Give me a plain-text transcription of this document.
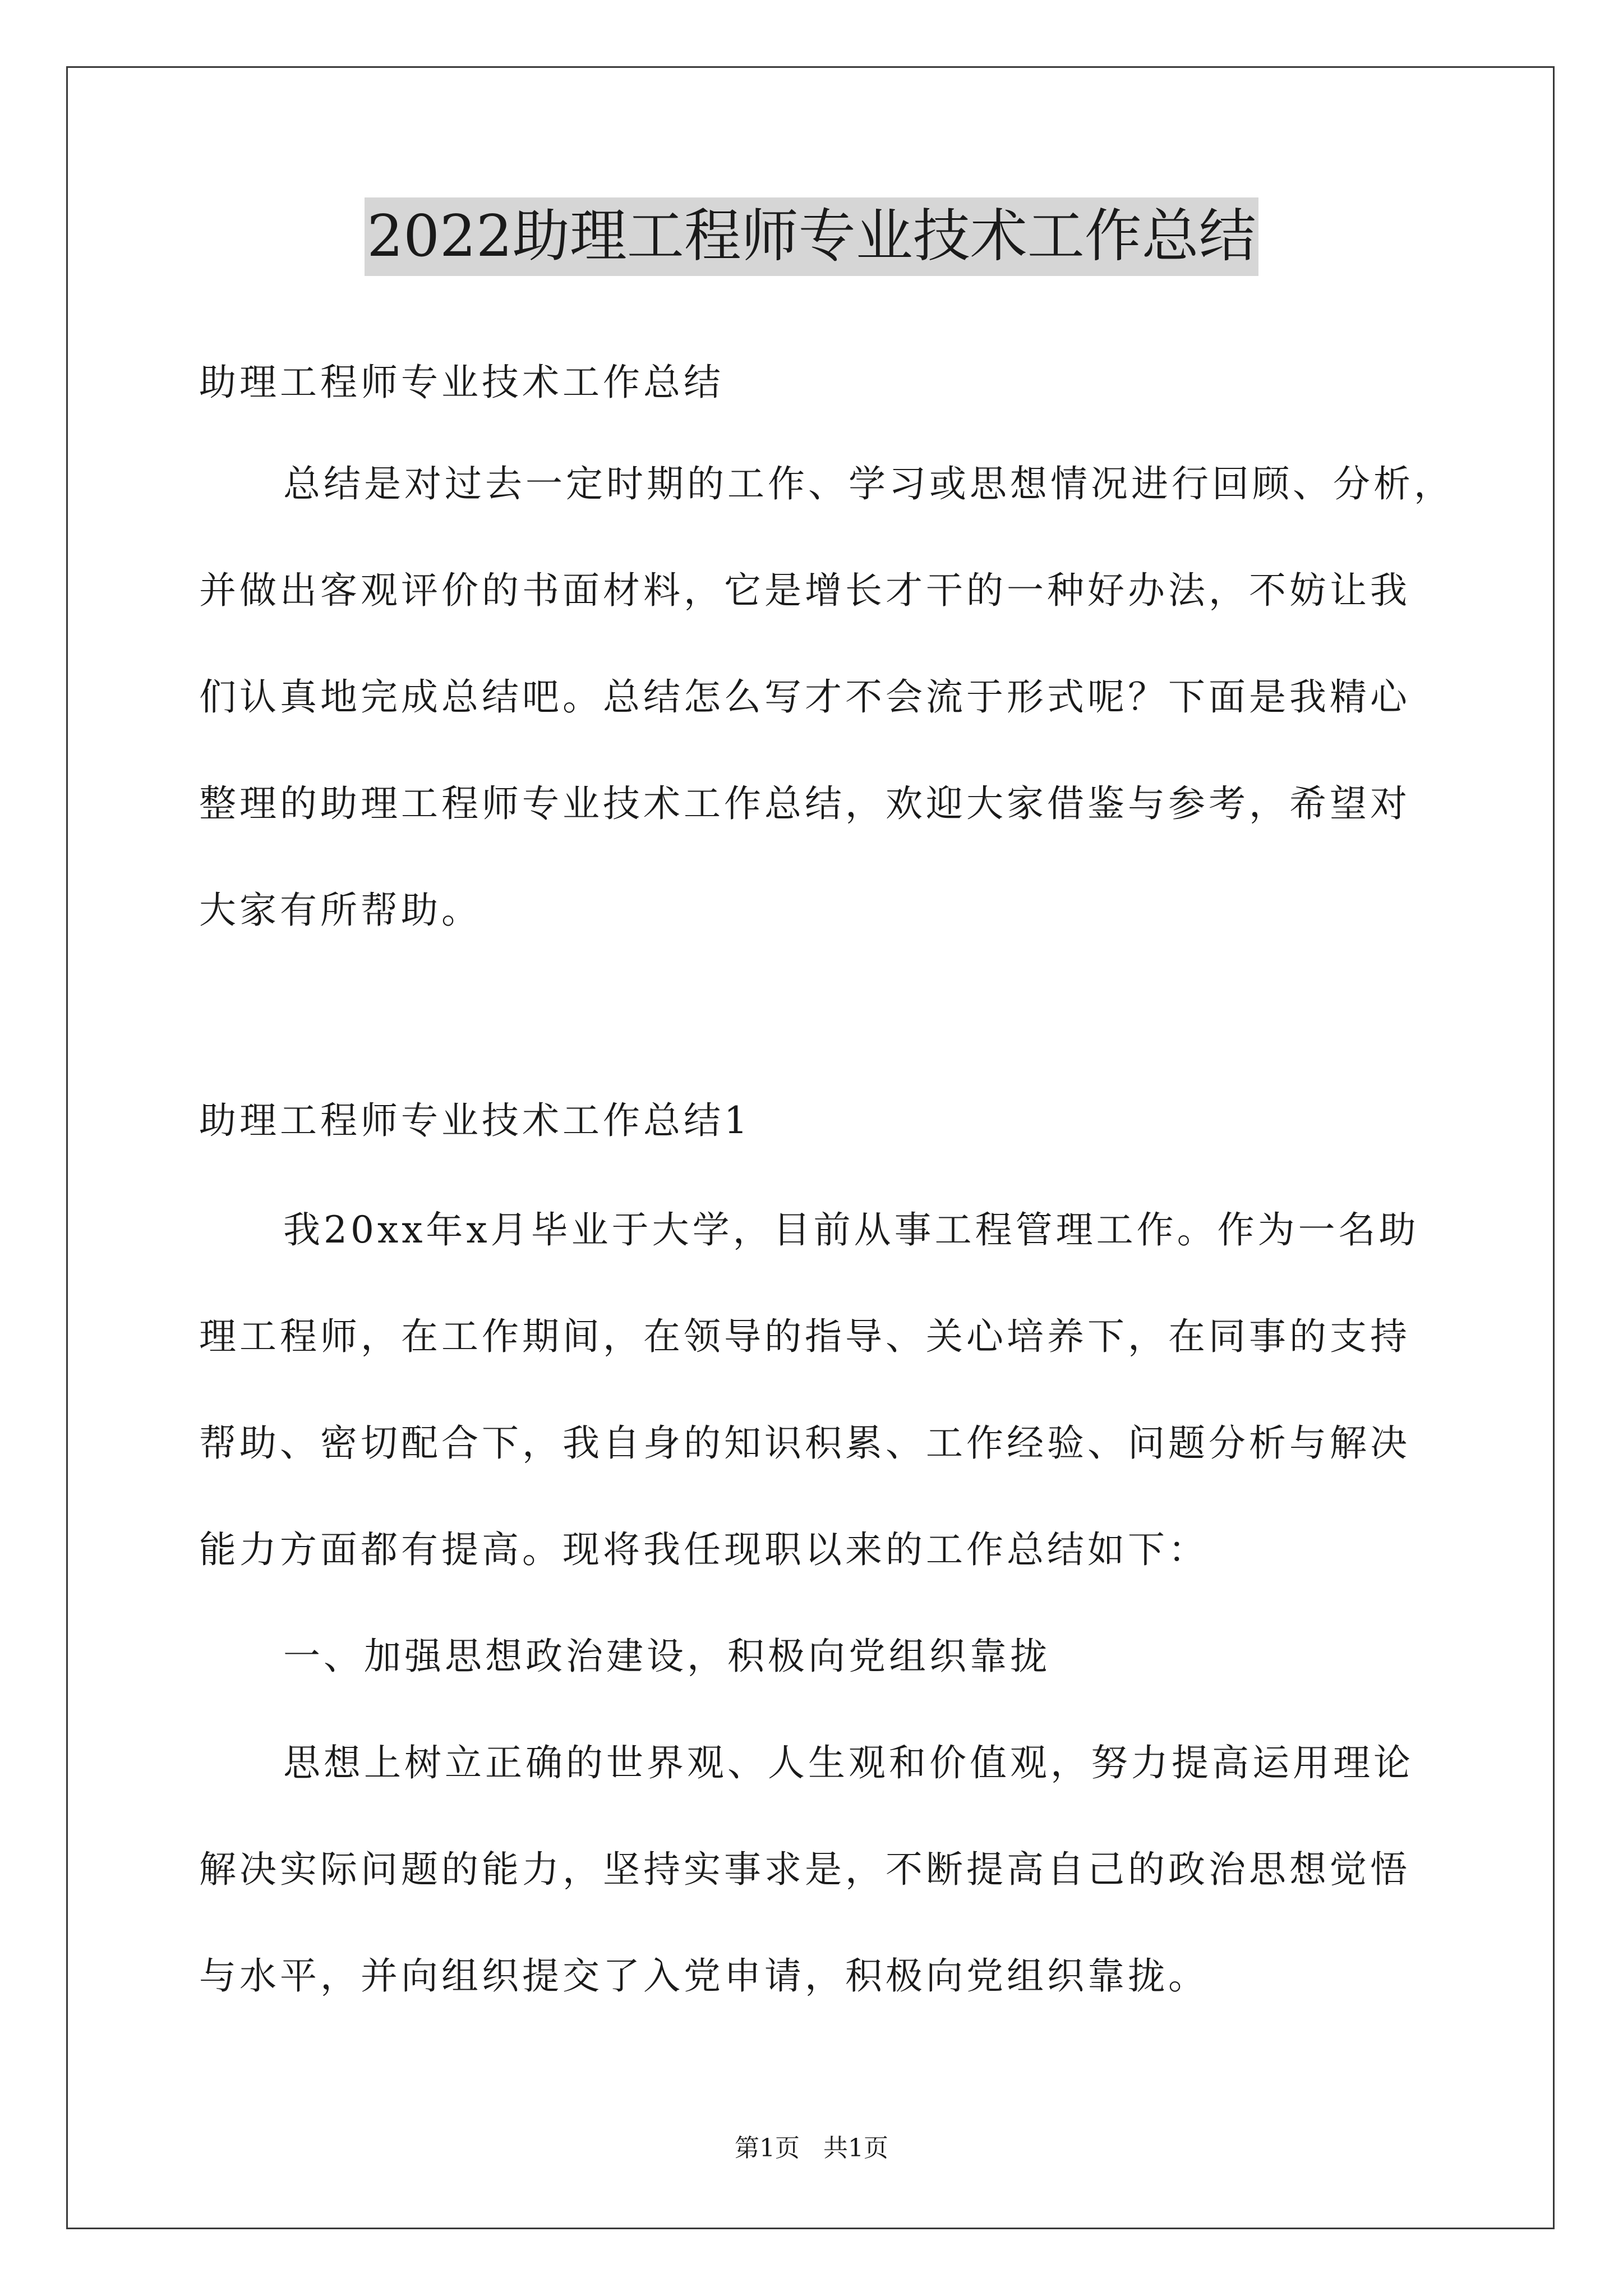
2022助理工程师专业技术工作总结

助理工程师专业技术工作总结

总结是对过去一定时期的工作、学习或思想情况进行回顾、分析，
并做出客观评价的书面材料，它是增长才干的一种好办法，不妨让我
们认真地完成总结吧。总结怎么写才不会流于形式呢？下面是我精心
整理的助理工程师专业技术工作总结，欢迎大家借鉴与参考，希望对
大家有所帮助。

助理工程师专业技术工作总结1

我20xx年x月毕业于大学，目前从事工程管理工作。作为一名助
理工程师，在工作期间，在领导的指导、关心培养下，在同事的支持
帮助、密切配合下，我自身的知识积累、工作经验、问题分析与解决
能力方面都有提高。现将我任现职以来的工作总结如下：
一、加强思想政治建设，积极向党组织靠拢
思想上树立正确的世界观、人生观和价值观，努力提高运用理论
解决实际问题的能力，坚持实事求是，不断提高自己的政治思想觉悟
与水平，并向组织提交了入党申请，积极向党组织靠拢。
第1页 共1页
